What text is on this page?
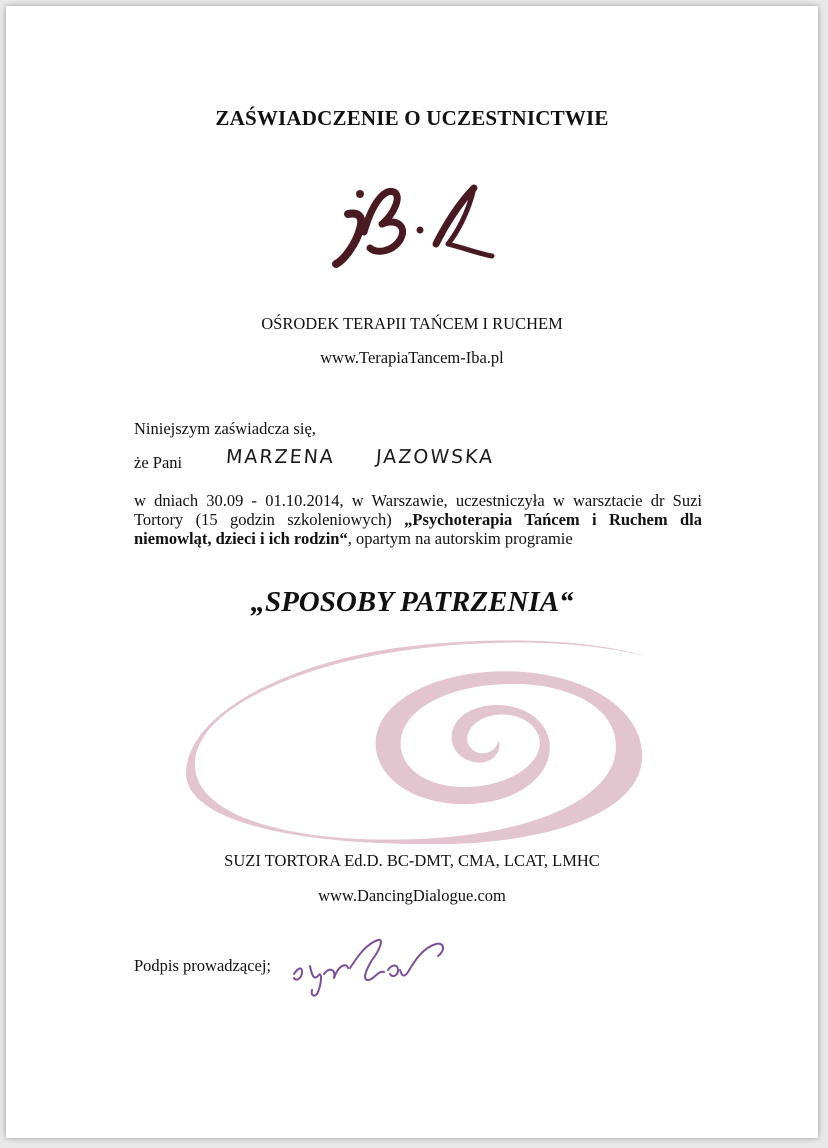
ZAŚWIADCZENIE O UCZESTNICTWIE
OŚRODEK TERAPII TAŃCEM I RUCHEM
www.TerapiaTancem-Iba.pl
Niniejszym zaświadcza się,
że Pani MARZENA JAZOWSKA
w dniach 30.09 - 01.10.2014, w Warszawie, uczestniczyła w warsztacie dr Suzi Tortory (15 godzin szkoleniowych) „Psychoterapia Tańcem i Ruchem dla niemowląt, dzieci i ich rodzin“, opartym na autorskim programie
„SPOSOBY PATRZENIA“
SUZI TORTORA Ed.D. BC-DMT, CMA, LCAT, LMHC
www.DancingDialogue.com
Podpis prowadzącej;
